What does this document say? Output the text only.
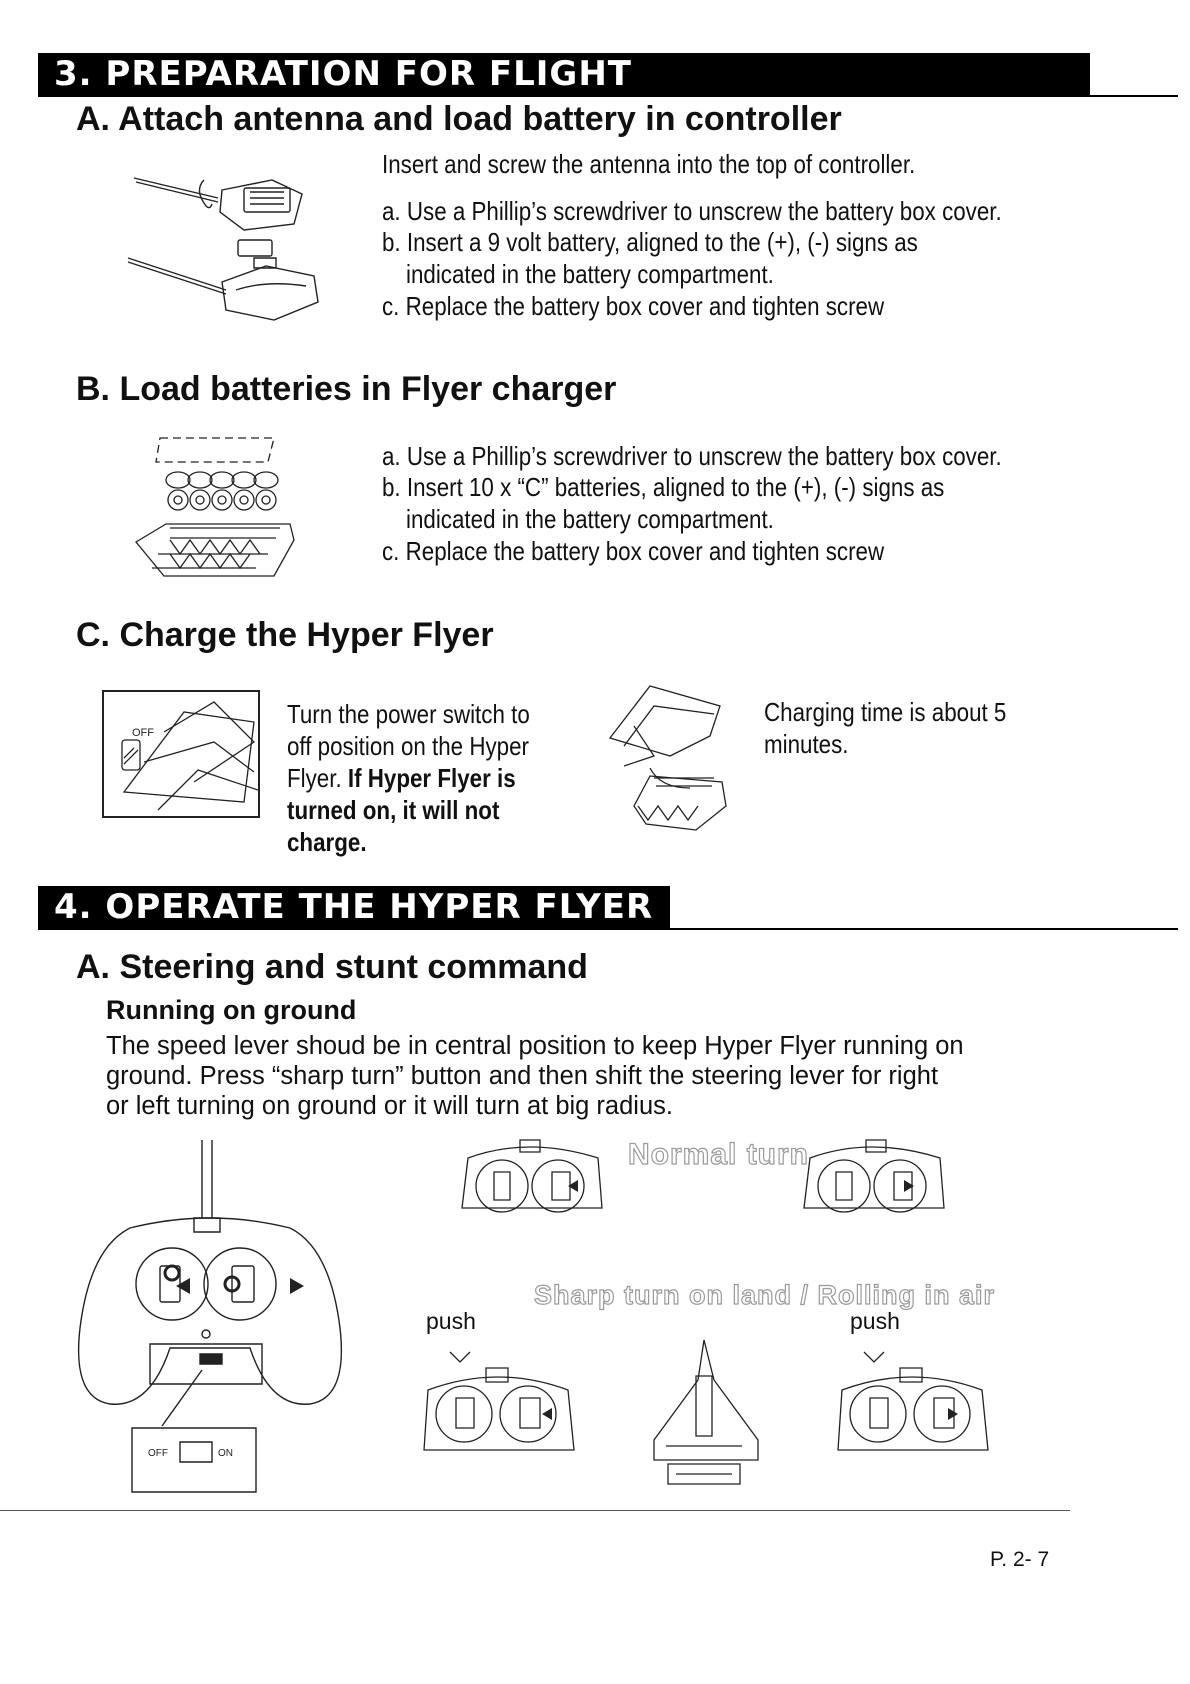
3. PREPARATION FOR FLIGHT
A. Attach antenna and load battery in controller
Insert and screw the antenna into the top of controller.
a. Use a Phillip’s screwdriver to unscrew the battery box cover.
b. Insert a 9 volt battery, aligned to the (+), (-) signs as
indicated in the battery compartment.
c. Replace the battery box cover and tighten screw
B. Load batteries in Flyer charger
a. Use a Phillip’s screwdriver to unscrew the battery box cover.
b. Insert 10 x “C” batteries, aligned to the (+), (-) signs as
indicated in the battery compartment.
c. Replace the battery box cover and tighten screw
C. Charge the Hyper Flyer
OFF
Turn the power switch to
off position on the Hyper
Flyer. If Hyper Flyer is
turned on, it will not
charge.
Charging time is about 5
minutes.
4. OPERATE THE HYPER FLYER
A. Steering and stunt command
Running on ground
The speed lever shoud be in central position to keep Hyper Flyer running on
ground. Press “sharp turn” button and then shift the steering lever for right
or left turning on ground or it will turn at big radius.
OFF	ON
Normal turn
Sharp turn on land / Rolling in air
push	push
P. 2- 7
